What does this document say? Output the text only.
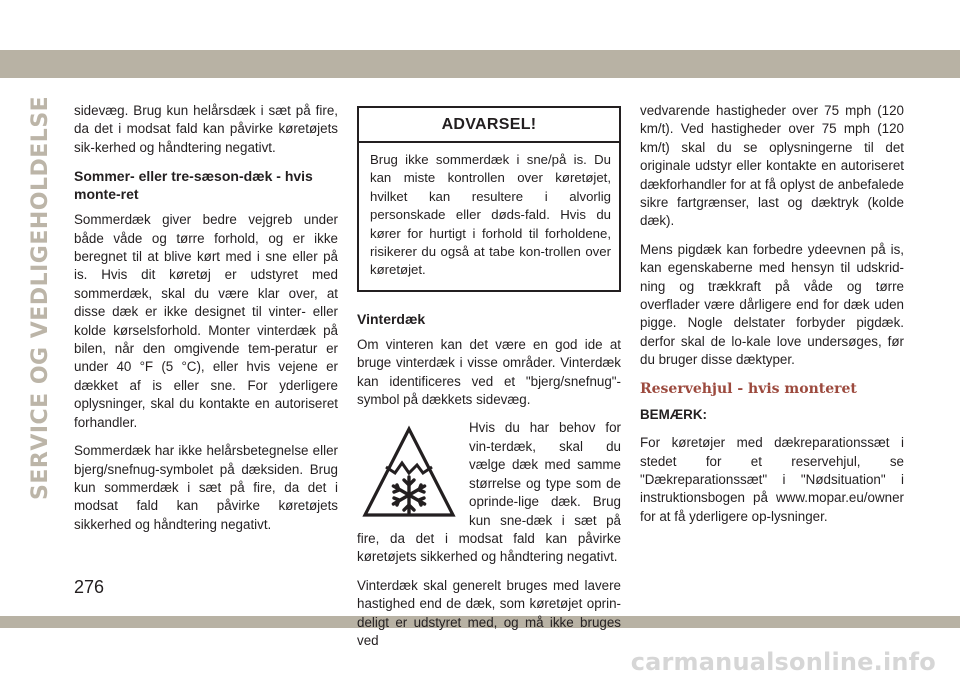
SERVICE OG VEDLIGEHOLDELSE	sidevæg. Brug kun helårsdæk i sæt på fire, da det i modsat fald kan påvirke køretøjets sik-kerhed og håndtering negativt.

Sommer- eller tre-sæson-dæk - hvis monte-ret

Sommerdæk giver bedre vejgreb under både våde og tørre forhold, og er ikke beregnet til at blive kørt med i sne eller på is. Hvis dit køretøj er udstyret med sommerdæk, skal du være klar over, at disse dæk er ikke designet til vinter- eller kolde kørselsforhold. Monter vinterdæk på bilen, når den omgivende tem-peratur er under 40 °F (5 °C), eller hvis vejene er dækket af is eller sne. For yderligere oplysninger, skal du kontakte en autoriseret forhandler.

Sommerdæk har ikke helårsbetegnelse eller bjerg/snefnug-symbolet på dæksiden. Brug kun sommerdæk i sæt på fire, da det i modsat fald kan påvirke køretøjets sikkerhed og håndtering negativt.

ADVARSEL!
Brug ikke sommerdæk i sne/på is. Du kan miste kontrollen over køretøjet, hvilket kan resultere i alvorlig personskade eller døds-fald. Hvis du kører for hurtigt i forhold til forholdene, risikerer du også at tabe kon-trollen over køretøjet.
Vinterdæk

Om vinteren kan det være en god ide at bruge vinterdæk i visse områder. Vinterdæk kan identificeres ved et "bjerg/snefnug"-symbol på dækkets sidevæg.

Hvis du har behov for vin-terdæk, skal du vælge dæk med samme størrelse og type som de oprinde-lige dæk. Brug kun sne-dæk i sæt på fire, da det i modsat fald kan påvirke køretøjets sikkerhed og håndtering negativt.

Vinterdæk skal generelt bruges med lavere hastighed end de dæk, som køretøjet oprin-deligt er udstyret med, og må ikke bruges ved

vedvarende hastigheder over 75 mph (120 km/t). Ved hastigheder over 75 mph (120 km/t) skal du se oplysningerne til det originale udstyr eller kontakte en autoriseret dækforhandler for at få oplyst de anbefalede sikre fartgrænser, last og dæktryk (kolde dæk).

Mens pigdæk kan forbedre ydeevnen på is, kan egenskaberne med hensyn til udskrid-ning og trækkraft på våde og tørre overflader være dårligere end for dæk uden pigge. Nogle delstater forbyder pigdæk. derfor skal de lo-kale love undersøges, før du bruger disse dæktyper.

Reservehjul - hvis monteret

BEMÆRK:

For køretøjer med dækreparationssæt i stedet for et reservehjul, se "Dækreparationssæt" i "Nødsituation" i instruktionsbogen på www.mopar.eu/owner for at få yderligere op-lysninger.

276
carmanualsonline.info
